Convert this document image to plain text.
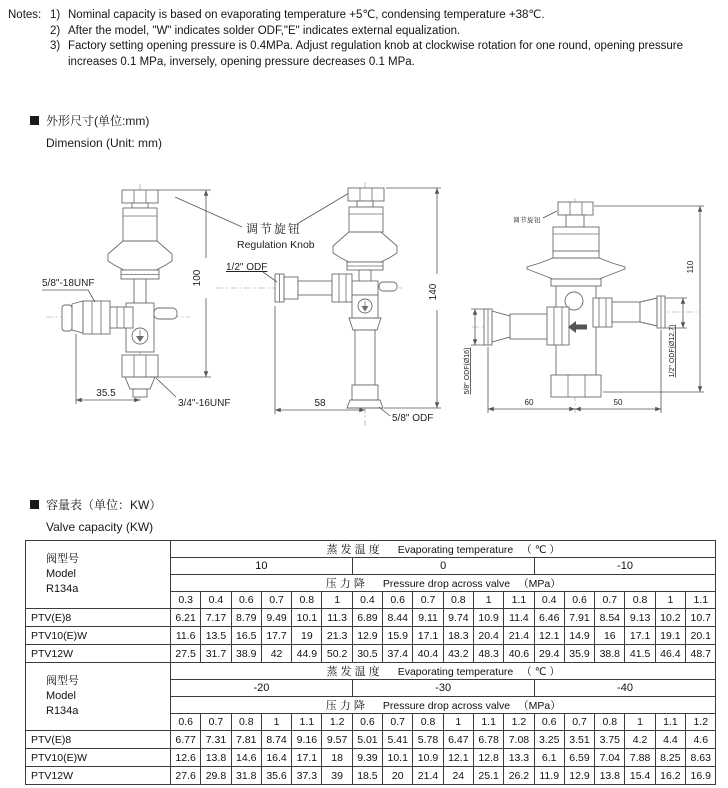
Notes: 1) Nominal capacity is based on evaporating temperature +5℃, condensing temperature +38℃.
2) After the model, "W" indicates solder ODF,"E" indicates external equalization.
3) Factory setting opening pressure is 0.4MPa. Adjust regulation knob at clockwise rotation for one round, opening pressure increases 0.1 MPa, inversely, opening pressure decreases 0.1 MPa.
外形尺寸(单位:mm)
Dimension (Unit: mm)
100
35.5
5/8"-18UNF
3/4"-16UNF
调节旋钮
Regulation Knob
140
58
1/2" ODF
5/8" ODF
调节旋钮
110
5/8" ODF(Ø16)	1/2" ODF(Ø12.7)
60	50
容量表（单位：KW）
Valve capacity (KW)
阀型号
Model
R134a	蒸 发 温 度 Evaporating temperature （ ℃ ）																	
	10						0						-10					
	压 力 降 Pressure drop across valve （MPa）																	
	0.3	0.4	0.6	0.7	0.8	1	0.4	0.6	0.7	0.8	1	1.1	0.4	0.6	0.7	0.8	1	1.1
PTV(E)8	6.21	7.17	8.79	9.49	10.1	11.3	6.89	8.44	9.11	9.74	10.9	11.4	6.46	7.91	8.54	9.13	10.2	10.7
PTV10(E)W	11.6	13.5	16.5	17.7	19	21.3	12.9	15.9	17.1	18.3	20.4	21.4	12.1	14.9	16	17.1	19.1	20.1
PTV12W	27.5	31.7	38.9	42	44.9	50.2	30.5	37.4	40.4	43.2	48.3	40.6	29.4	35.9	38.8	41.5	46.4	48.7

阀型号
Model
R134a	蒸 发 温 度 Evaporating temperature （ ℃ ）																	
	-20						-30						-40					
	压 力 降 Pressure drop across valve （MPa）																	
	0.6	0.7	0.8	1	1.1	1.2	0.6	0.7	0.8	1	1.1	1.2	0.6	0.7	0.8	1	1.1	1.2
PTV(E)8	6.77	7.31	7.81	8.74	9.16	9.57	5.01	5.41	5.78	6.47	6.78	7.08	3.25	3.51	3.75	4.2	4.4	4.6
PTV10(E)W	12.6	13.8	14.6	16.4	17.1	18	9.39	10.1	10.9	12.1	12.8	13.3	6.1	6.59	7.04	7.88	8.25	8.63
PTV12W	27.6	29.8	31.8	35.6	37.3	39	18.5	20	21.4	24	25.1	26.2	11.9	12.9	13.8	15.4	16.2	16.9
